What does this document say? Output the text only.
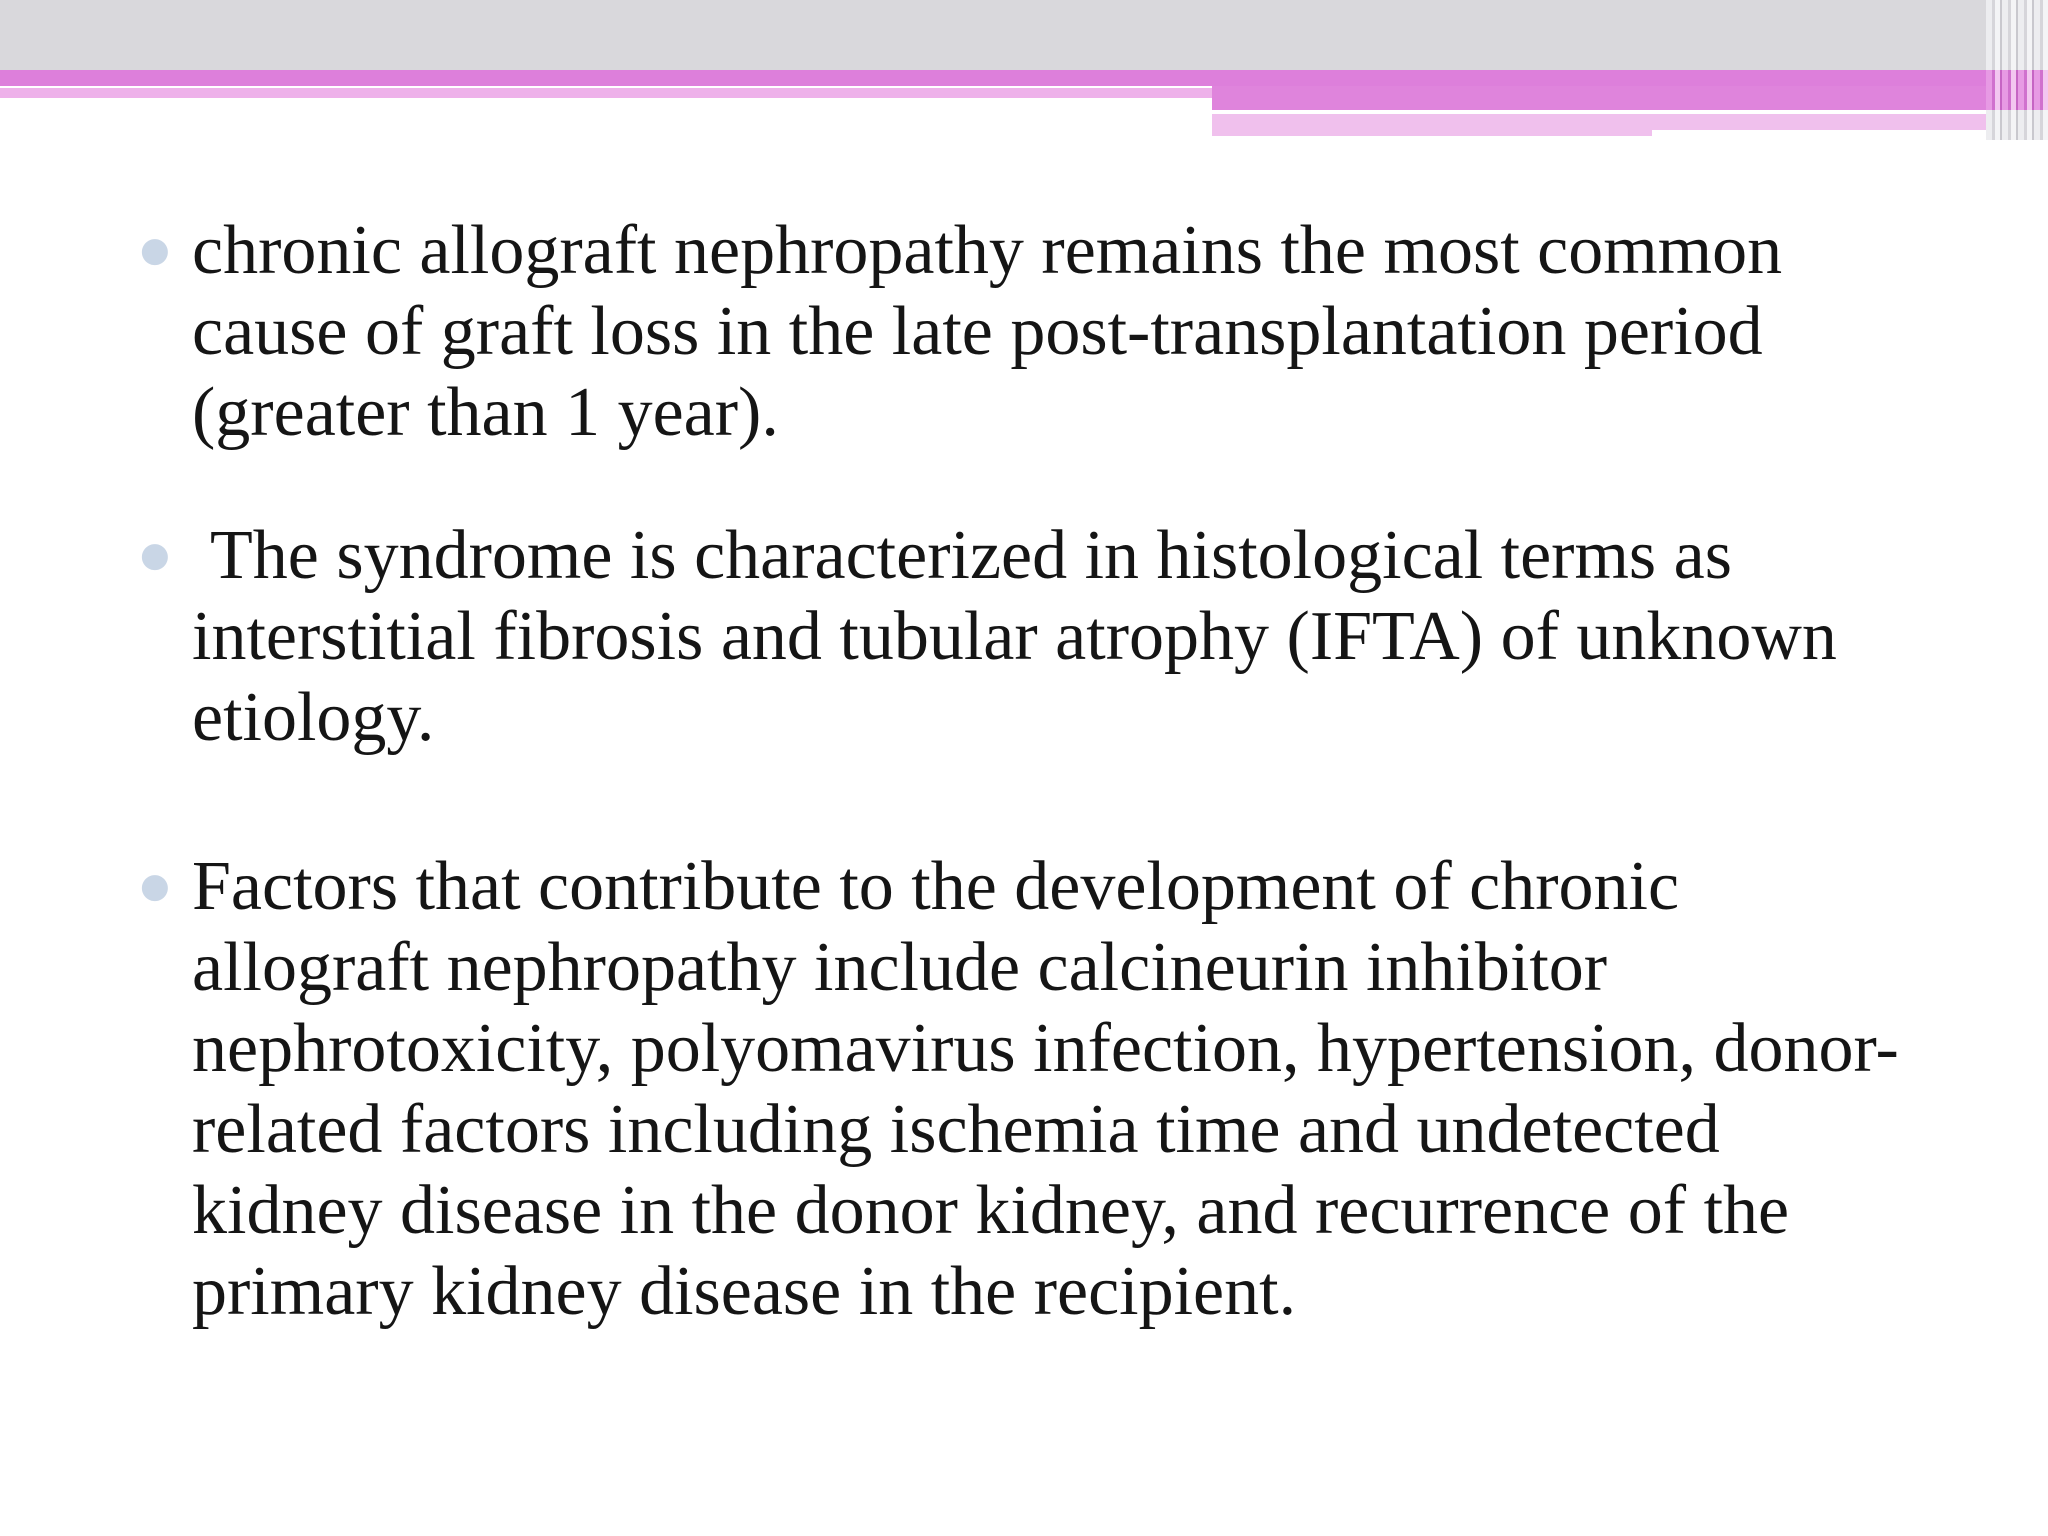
● chronic allograft nephropathy remains the most common cause of graft loss in the late post-transplantation period (greater than 1 year).
● The syndrome is characterized in histological terms as interstitial fibrosis and tubular atrophy (IFTA) of unknown etiology.
● Factors that contribute to the development of chronic allograft nephropathy include calcineurin inhibitor nephrotoxicity, polyomavirus infection, hypertension, donor-related factors including ischemia time and undetected kidney disease in the donor kidney, and recurrence of the primary kidney disease in the recipient.
